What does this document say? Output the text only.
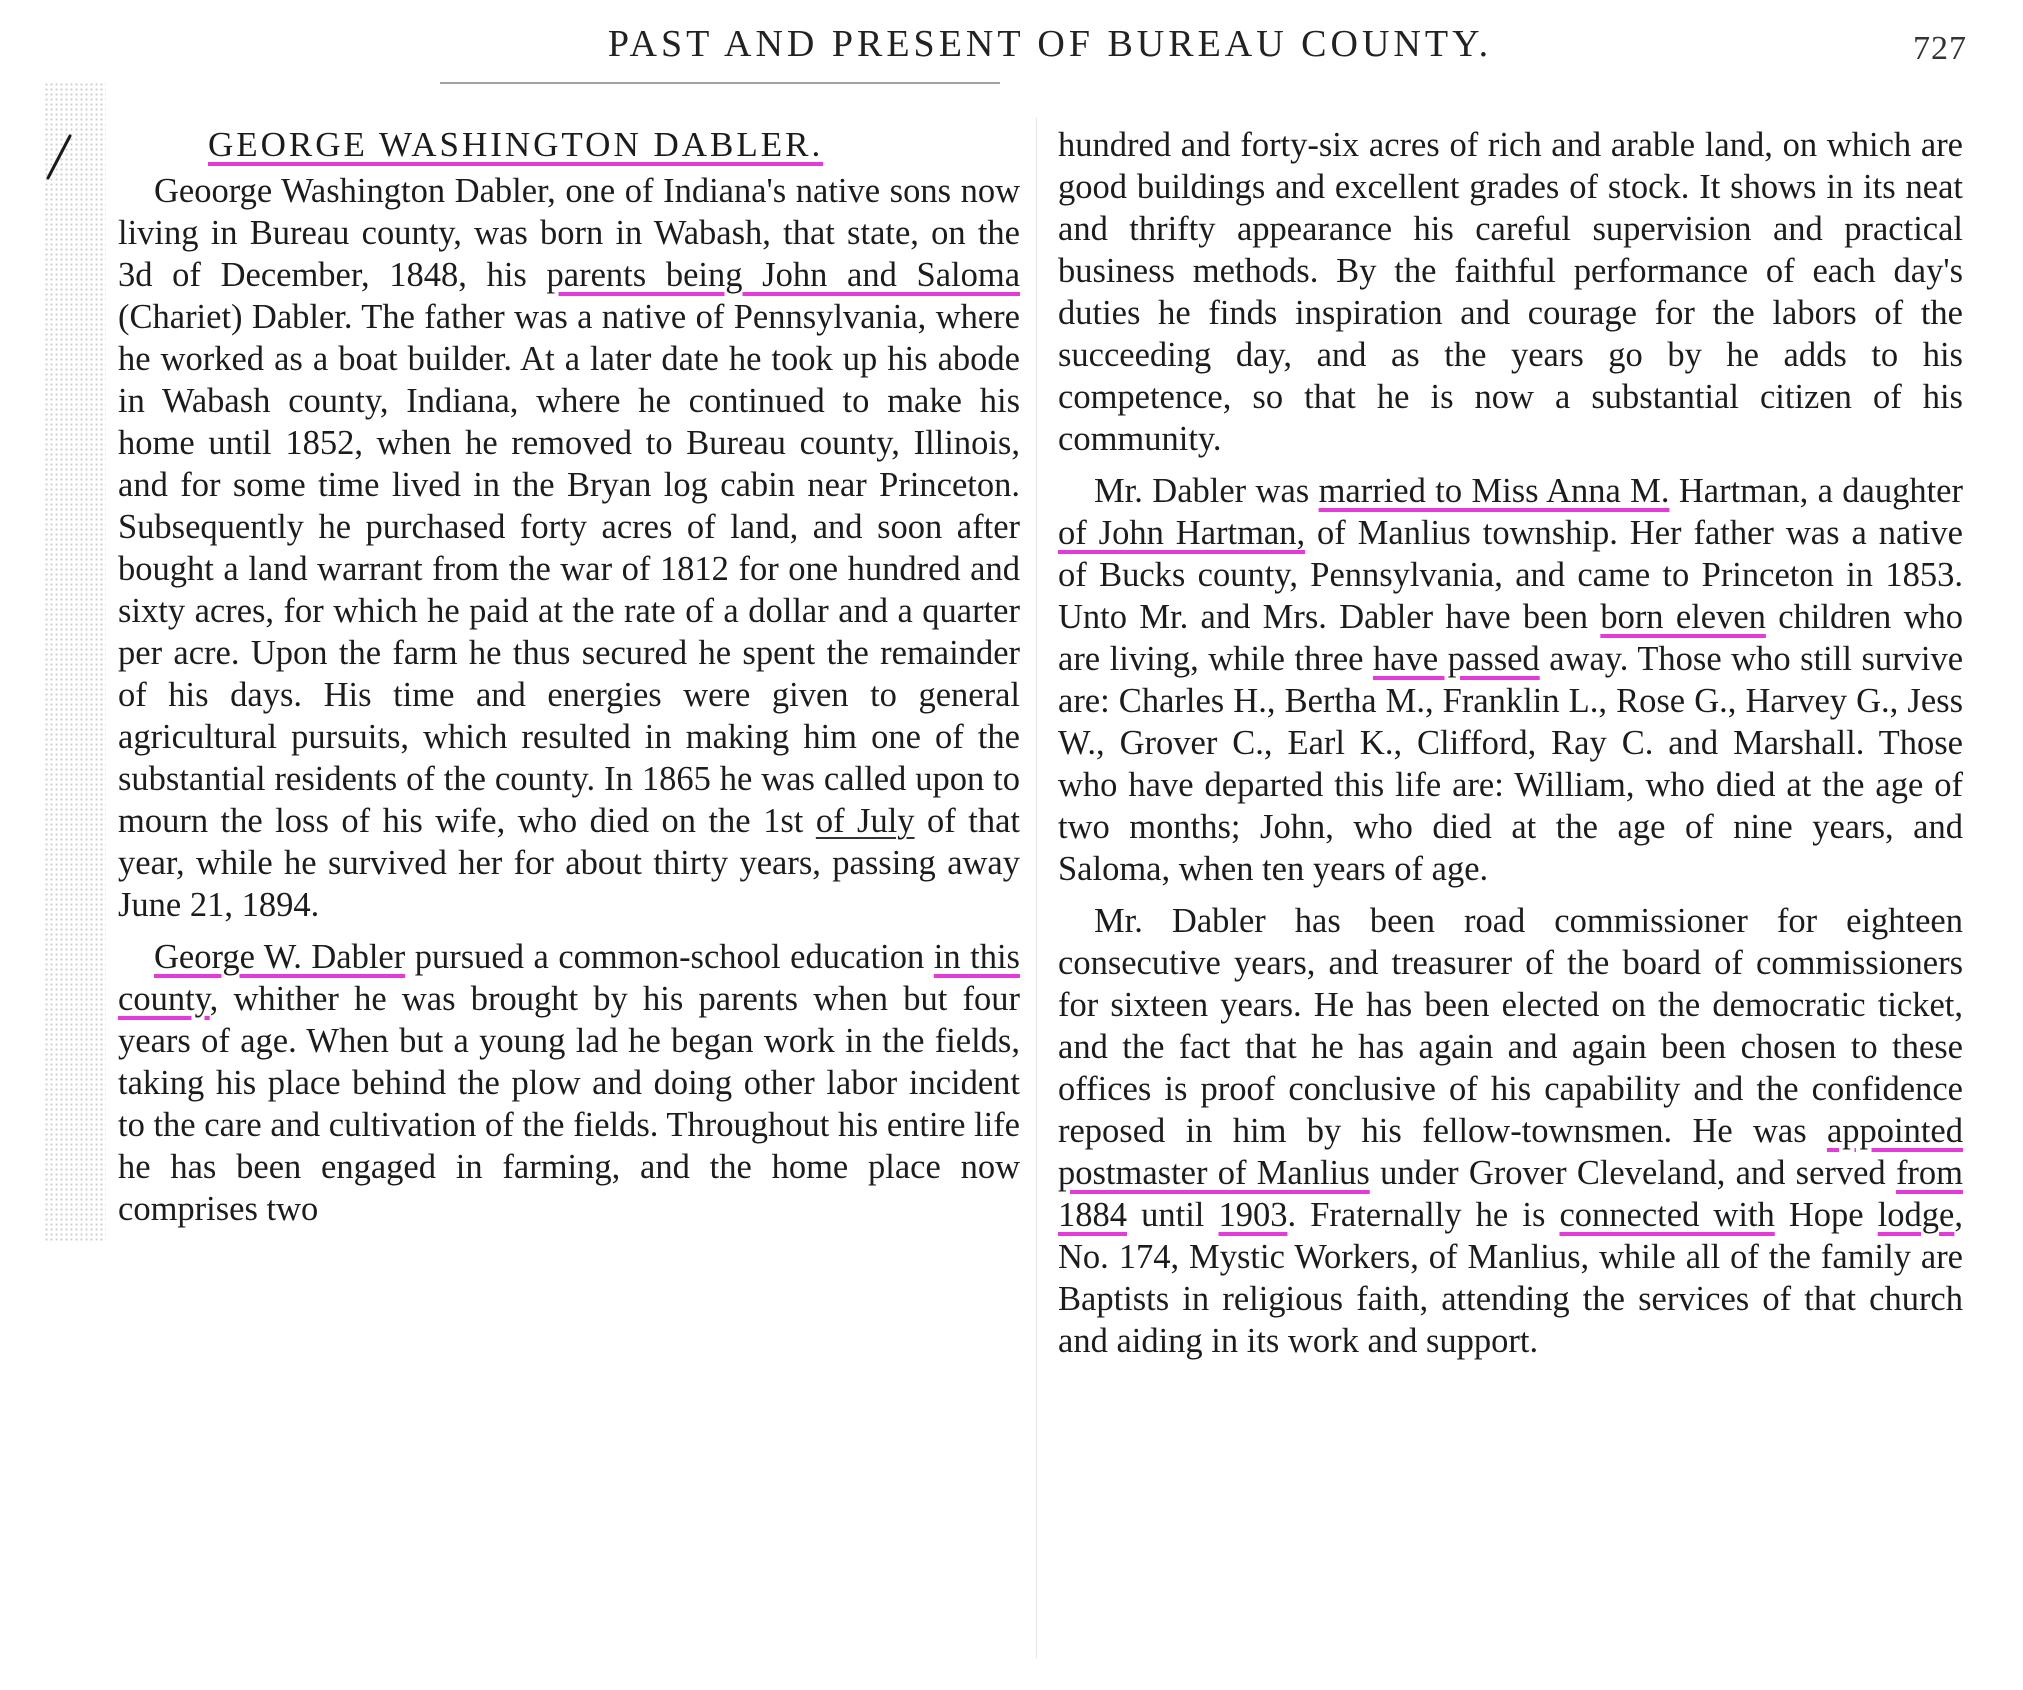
PAST AND PRESENT OF BUREAU COUNTY.	727
GEORGE WASHINGTON DABLER.

Geoorge Washington Dabler, one of Indiana's native sons now living in Bureau county, was born in Wabash, that state, on the 3d of December, 1848, his parents being John and Saloma (Chariet) Dabler. The father was a native of Pennsylvania, where he worked as a boat builder. At a later date he took up his abode in Wabash county, Indiana, where he continued to make his home until 1852, when he removed to Bureau county, Illinois, and for some time lived in the Bryan log cabin near Princeton. Subsequently he purchased forty acres of land, and soon after bought a land warrant from the war of 1812 for one hundred and sixty acres, for which he paid at the rate of a dollar and a quarter per acre. Upon the farm he thus secured he spent the remainder of his days. His time and energies were given to general agricultural pursuits, which resulted in making him one of the substantial residents of the county. In 1865 he was called upon to mourn the loss of his wife, who died on the 1st of July of that year, while he survived her for about thirty years, passing away June 21, 1894.

George W. Dabler pursued a common-school education in this county, whither he was brought by his parents when but four years of age. When but a young lad he began work in the fields, taking his place behind the plow and doing other labor incident to the care and cultivation of the fields. Throughout his entire life he has been engaged in farming, and the home place now comprises two

hundred and forty-six acres of rich and arable land, on which are good buildings and excellent grades of stock. It shows in its neat and thrifty appearance his careful supervision and practical business methods. By the faithful performance of each day's duties he finds inspiration and courage for the labors of the succeeding day, and as the years go by he adds to his competence, so that he is now a substantial citizen of his community.

Mr. Dabler was married to Miss Anna M. Hartman, a daughter of John Hartman, of Manlius township. Her father was a native of Bucks county, Pennsylvania, and came to Princeton in 1853. Unto Mr. and Mrs. Dabler have been born eleven children who are living, while three have passed away. Those who still survive are: Charles H., Bertha M., Franklin L., Rose G., Harvey G., Jess W., Grover C., Earl K., Clifford, Ray C. and Marshall. Those who have departed this life are: William, who died at the age of two months; John, who died at the age of nine years, and Saloma, when ten years of age.

Mr. Dabler has been road commissioner for eighteen consecutive years, and treasurer of the board of commissioners for sixteen years. He has been elected on the democratic ticket, and the fact that he has again and again been chosen to these offices is proof conclusive of his capability and the confidence reposed in him by his fellow-townsmen. He was appointed postmaster of Manlius under Grover Cleveland, and served from 1884 until 1903. Fraternally he is connected with Hope lodge, No. 174, Mystic Workers, of Manlius, while all of the family are Baptists in religious faith, attending the services of that church and aiding in its work and support.
